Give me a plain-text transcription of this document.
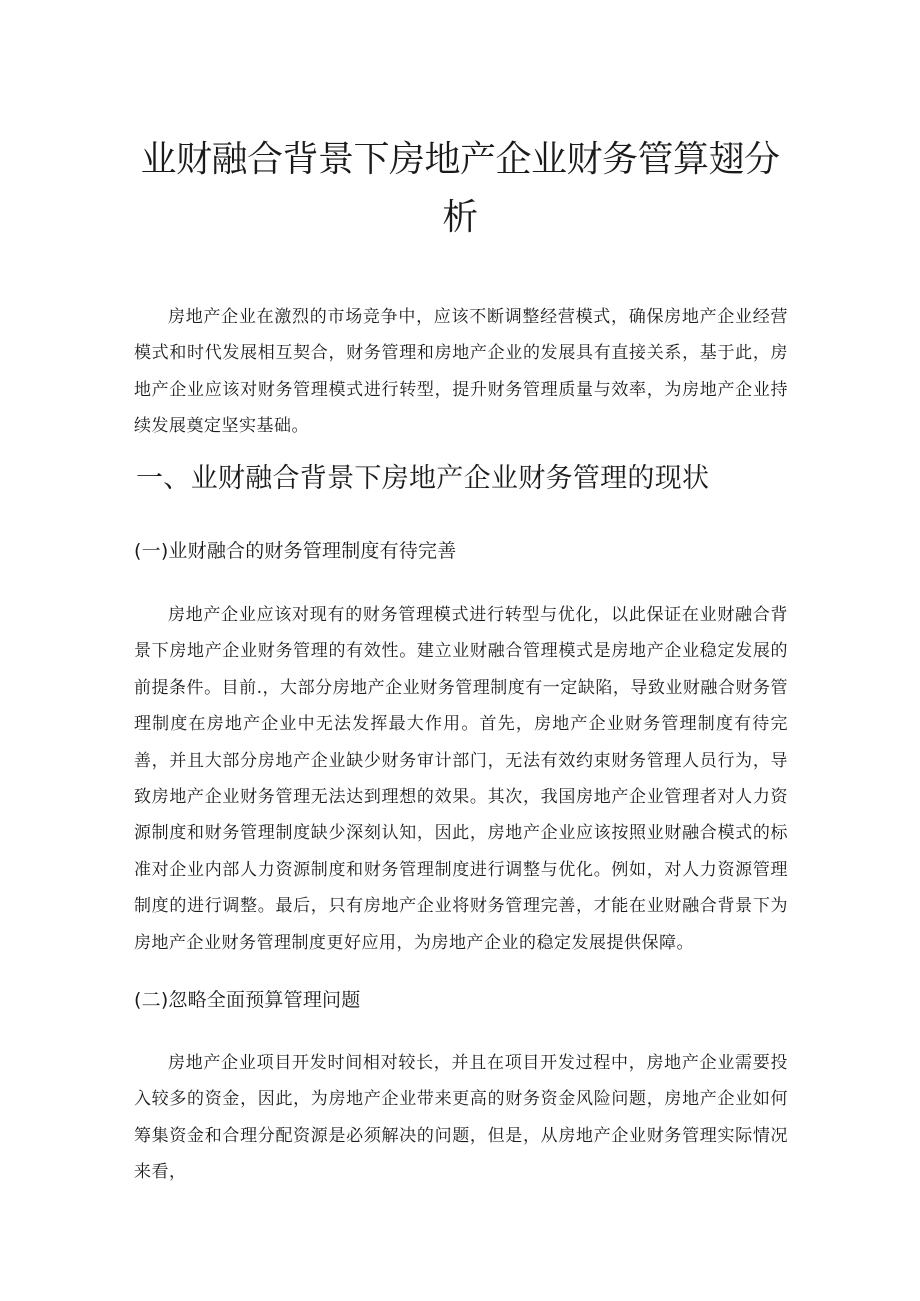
业财融合背景下房地产企业财务管算翅分
析

房地产企业在激烈的市场竞争中，应该不断调整经营模式，确保房地产企业经营模式和时代发展相互契合，财务管理和房地产企业的发展具有直接关系，基于此，房地产企业应该对财务管理模式进行转型，提升财务管理质量与效率，为房地产企业持续发展奠定坚实基础。

一、业财融合背景下房地产企业财务管理的现状
(一)业财融合的财务管理制度有待完善

房地产企业应该对现有的财务管理模式进行转型与优化，以此保证在业财融合背景下房地产企业财务管理的有效性。建立业财融合管理模式是房地产企业稳定发展的前提条件。目前.，大部分房地产企业财务管理制度有一定缺陷，导致业财融合财务管理制度在房地产企业中无法发挥最大作用。首先，房地产企业财务管理制度有待完善，并且大部分房地产企业缺少财务审计部门，无法有效约束财务管理人员行为，导致房地产企业财务管理无法达到理想的效果。其次，我国房地产企业管理者对人力资源制度和财务管理制度缺少深刻认知，因此，房地产企业应该按照业财融合模式的标准对企业内部人力资源制度和财务管理制度进行调整与优化。例如，对人力资源管理制度的进行调整。最后，只有房地产企业将财务管理完善，才能在业财融合背景下为房地产企业财务管理制度更好应用，为房地产企业的稳定发展提供保障。

(二)忽略全面预算管理问题

房地产企业项目开发时间相对较长，并且在项目开发过程中，房地产企业需要投入较多的资金，因此，为房地产企业带来更高的财务资金风险问题，房地产企业如何筹集资金和合理分配资源是必须解决的问题，但是，从房地产企业财务管理实际情况来看，
